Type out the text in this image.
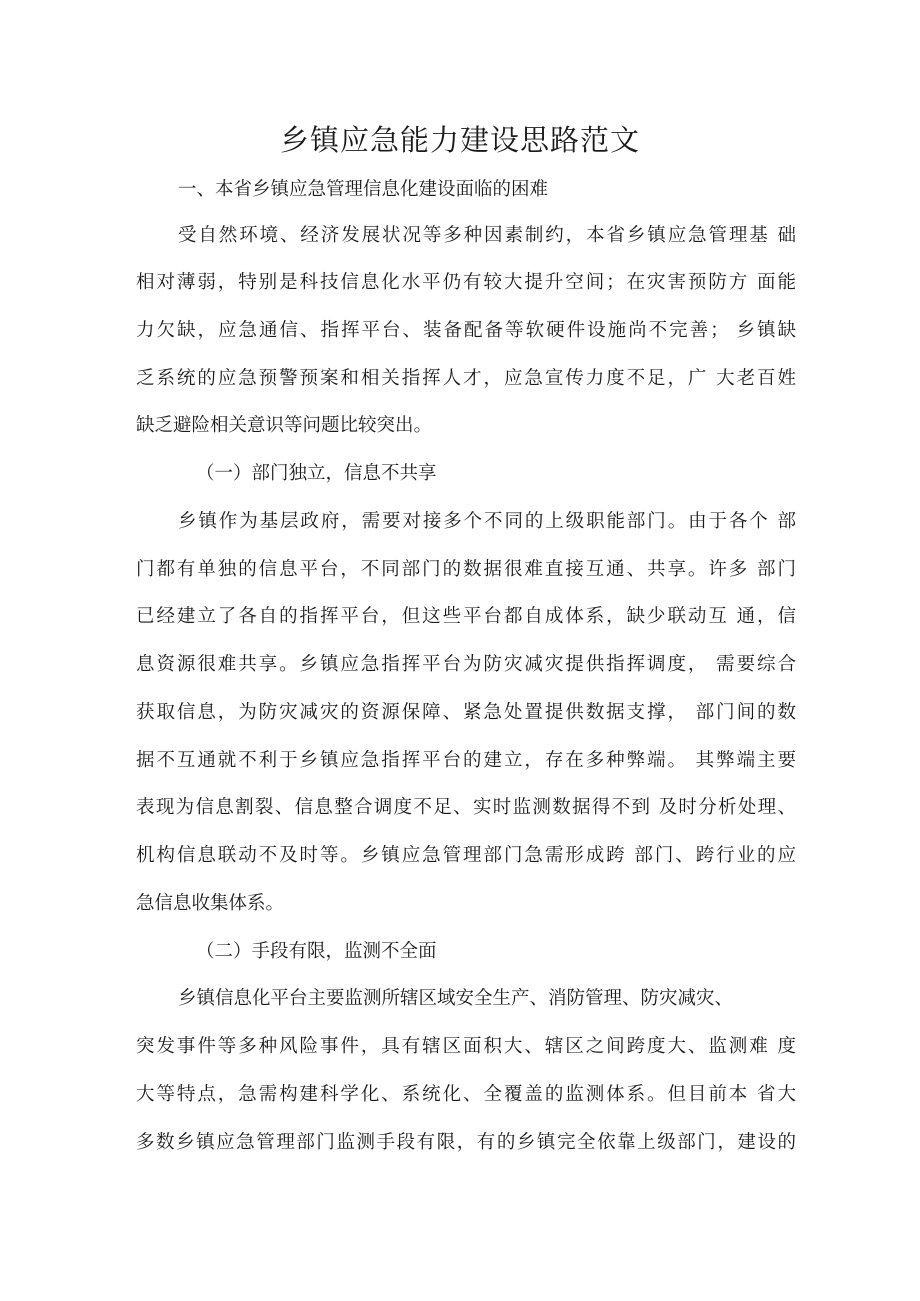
乡镇应急能力建设思路范文

一、本省乡镇应急管理信息化建设面临的困难

受自然环境、经济发展状况等多种因素制约，本省乡镇应急管理基 础

相对薄弱，特别是科技信息化水平仍有较大提升空间；在灾害预防方 面能

力欠缺，应急通信、指挥平台、装备配备等软硬件设施尚不完善； 乡镇缺

乏系统的应急预警预案和相关指挥人才，应急宣传力度不足，广 大老百姓

缺乏避险相关意识等问题比较突出。

（一）部门独立，信息不共享

乡镇作为基层政府，需要对接多个不同的上级职能部门。由于各个 部

门都有单独的信息平台，不同部门的数据很难直接互通、共享。许多 部门

已经建立了各自的指挥平台，但这些平台都自成体系，缺少联动互 通，信

息资源很难共享。乡镇应急指挥平台为防灾减灾提供指挥调度， 需要综合

获取信息，为防灾减灾的资源保障、紧急处置提供数据支撑， 部门间的数

据不互通就不利于乡镇应急指挥平台的建立，存在多种弊端。 其弊端主要

表现为信息割裂、信息整合调度不足、实时监测数据得不到 及时分析处理、

机构信息联动不及时等。乡镇应急管理部门急需形成跨 部门、跨行业的应

急信息收集体系。

（二）手段有限，监测不全面

乡镇信息化平台主要监测所辖区域安全生产、消防管理、防灾减灾、

突发事件等多种风险事件，具有辖区面积大、辖区之间跨度大、监测难 度

大等特点，急需构建科学化、系统化、全覆盖的监测体系。但目前本 省大

多数乡镇应急管理部门监测手段有限，有的乡镇完全依靠上级部门，建设的
